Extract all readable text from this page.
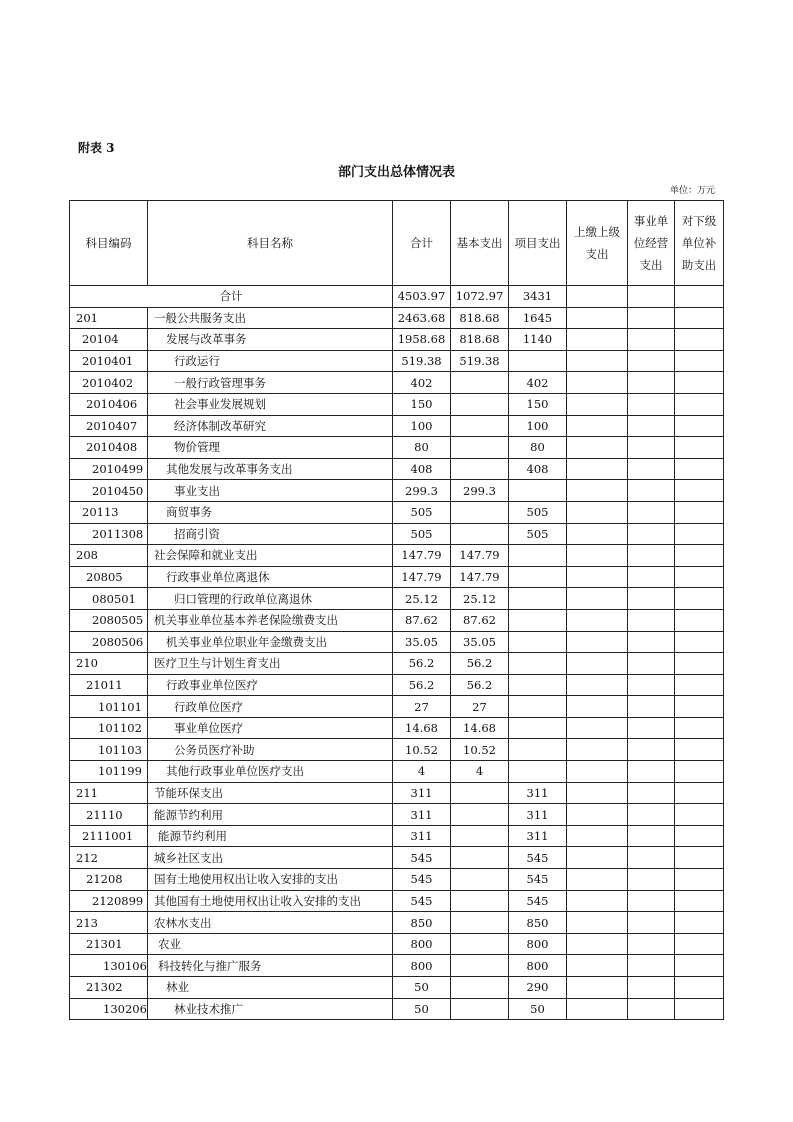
附表 3
部门支出总体情况表
单位：万元
科目编码	科目名称	合计	基本支出	项目支出	上缴上级支出	事业单位经营支出	对下级单位补助支出
合计		4503.97	1072.97	3431			
201	一般公共服务支出	2463.68	818.68	1645			
20104	发展与改革事务	1958.68	818.68	1140			
2010401	行政运行	519.38	519.38				
2010402	一般行政管理事务	402		402			
2010406	社会事业发展规划	150		150			
2010407	经济体制改革研究	100		100			
2010408	物价管理	80		80			
2010499	其他发展与改革事务支出	408		408			
2010450	事业支出	299.3	299.3				
20113	商贸事务	505		505			
2011308	招商引资	505		505			
208	社会保障和就业支出	147.79	147.79				
20805	行政事业单位离退休	147.79	147.79				
080501	归口管理的行政单位离退休	25.12	25.12				
2080505	机关事业单位基本养老保险缴费支出	87.62	87.62				
2080506	机关事业单位职业年金缴费支出	35.05	35.05				
210	医疗卫生与计划生育支出	56.2	56.2				
21011	行政事业单位医疗	56.2	56.2				
101101	行政单位医疗	27	27				
101102	事业单位医疗	14.68	14.68				
101103	公务员医疗补助	10.52	10.52				
101199	其他行政事业单位医疗支出	4	4				
211	节能环保支出	311		311			
21110	能源节约利用	311		311			
2111001	能源节约利用	311		311			
212	城乡社区支出	545		545			
21208	国有土地使用权出让收入安排的支出	545		545			
2120899	其他国有土地使用权出让收入安排的支出	545		545			
213	农林水支出	850		850			
21301	农业	800		800			
130106	科技转化与推广服务	800		800			
21302	林业	50		290			
130206	林业技术推广	50		50			
